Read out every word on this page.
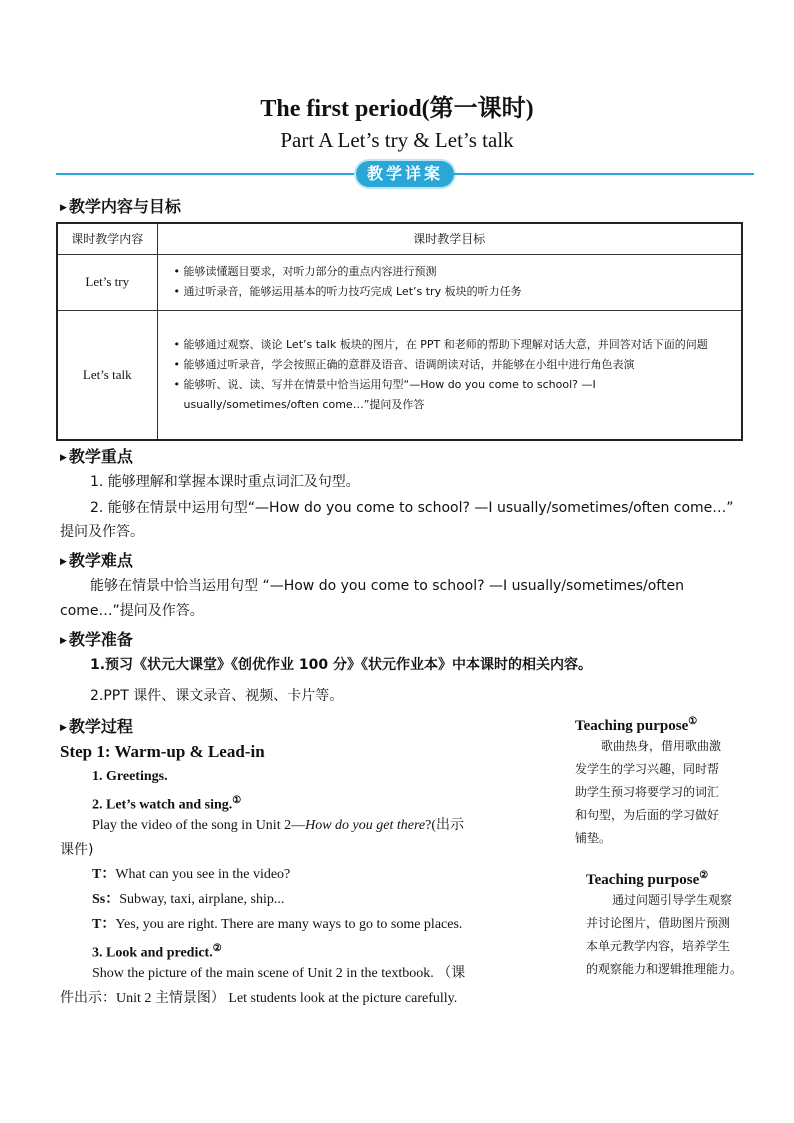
The first period(第一课时)
Part A Let’s try & Let’s talk
教学详案
▶ 教学内容与目标
课时教学内容	课时教学目标
Let’s try	• 能够读懂题目要求，对听力部分的重点内容进行预测
• 通过听录音，能够运用基本的听力技巧完成 Let’s try 板块的听力任务

Let’s talk	• 能够通过观察、谈论 Let’s talk 板块的图片，在 PPT 和老师的帮助下理解对话大意，并回答对话下面的问题
• 能够通过听录音，学会按照正确的意群及语音、语调朗读对话，并能够在小组中进行角色表演
• 能够听、说、读、写并在情景中恰当运用句型“—How do you come to school? —I usually/sometimes/often come…”提问及作答
▶ 教学重点
1. 能够理解和掌握本课时重点词汇及句型。
2. 能够在情景中运用句型“—How do you come to school? —I usually/sometimes/often come…”
提问及作答。
▶ 教学难点
能够在情景中恰当运用句型 “—How do you come to school? —I usually/sometimes/often
come…”提问及作答。
▶ 教学准备
1.预习《状元大课堂》《创优作业 100 分》《状元作业本》中本课时的相关内容。
2.PPT 课件、课文录音、视频、卡片等。
▶ 教学过程
Step 1: Warm-up & Lead-in
1. Greetings.
2. Let’s watch and sing.①
Play the video of the song in Unit 2—How do you get there?(出示
课件)
T：What can you see in the video?
Ss：Subway, taxi, airplane, ship...
T：Yes, you are right. There are many ways to go to some places.
3. Look and predict.②
Show the picture of the main scene of Unit 2 in the textbook. （课
件出示：Unit 2 主情景图） Let students look at the picture carefully.
Teaching purpose①
歌曲热身，借用歌曲激
发学生的学习兴趣，同时帮
助学生预习将要学习的词汇
和句型，为后面的学习做好
铺垫。
Teaching purpose②
通过问题引导学生观察
并讨论图片，借助图片预测
本单元教学内容，培养学生
的观察能力和逻辑推理能力。
